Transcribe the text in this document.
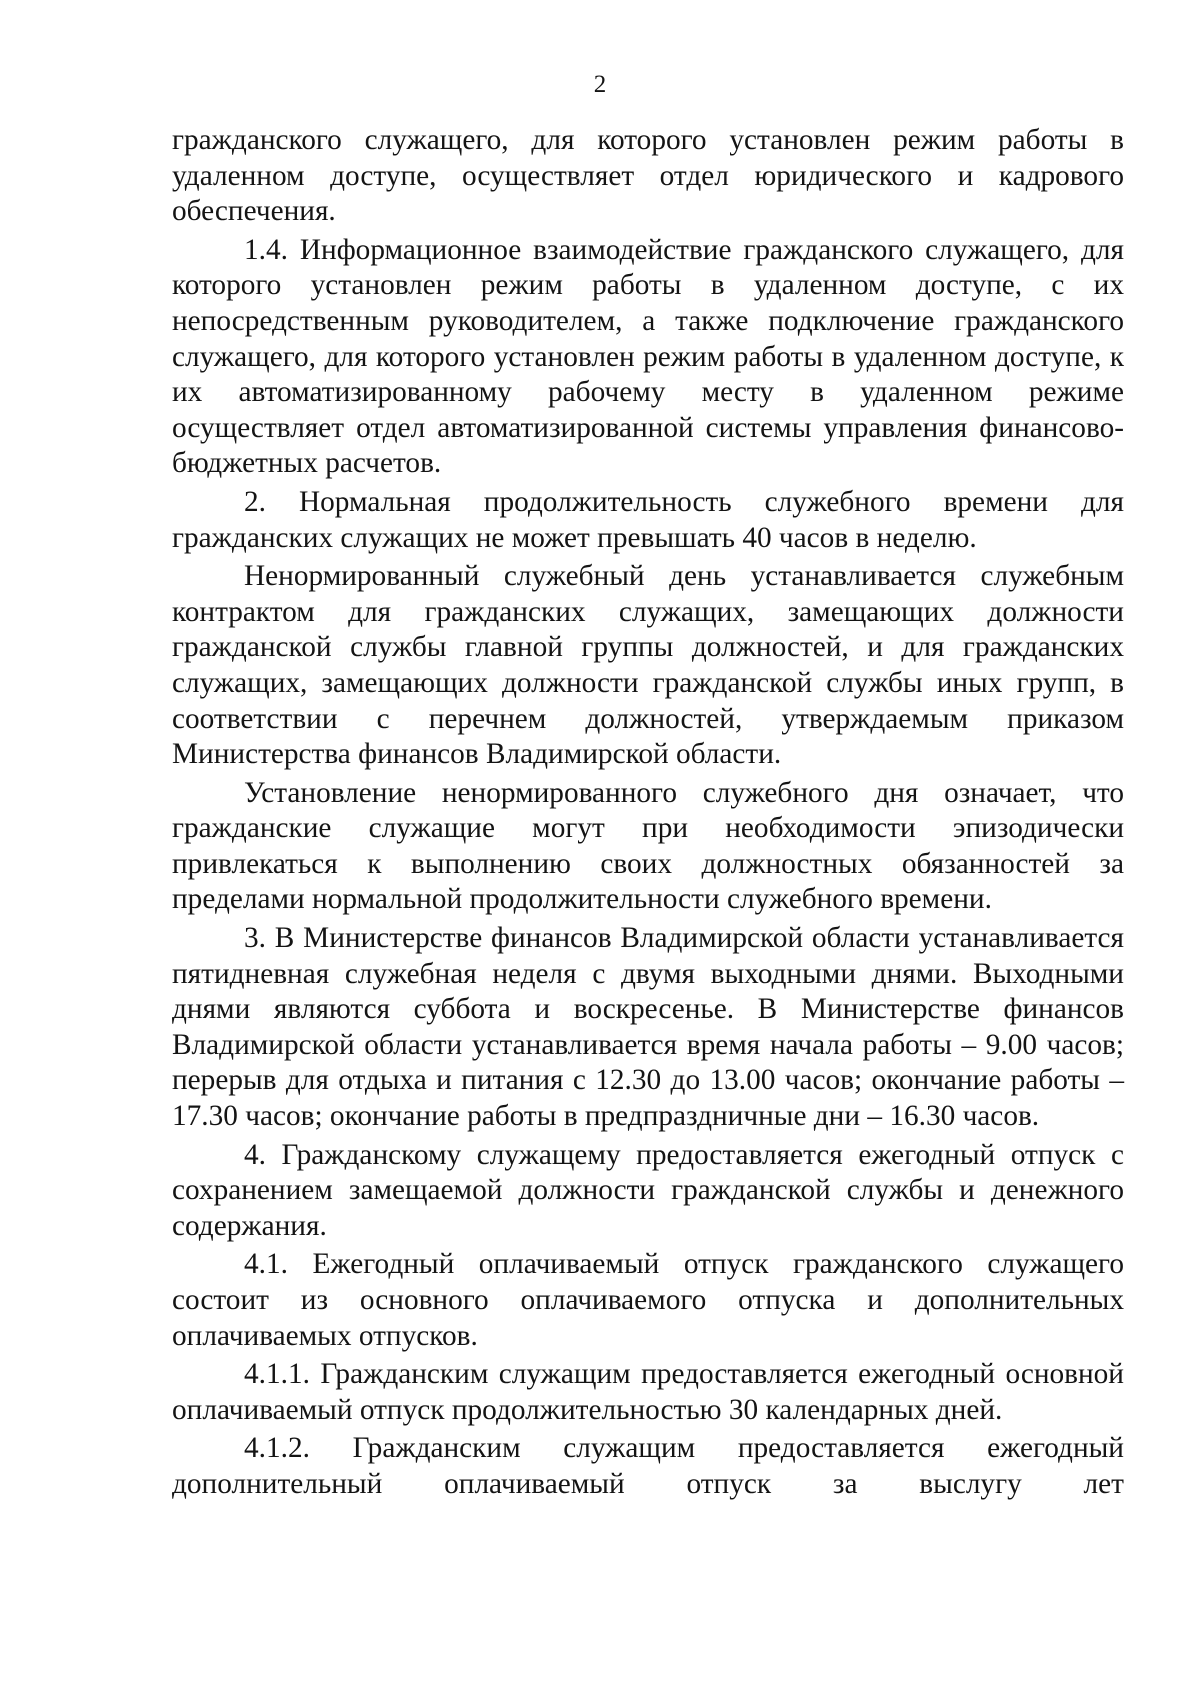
2

гражданского служащего, для которого установлен режим работы в удаленном доступе, осуществляет отдел юридического и кадрового обеспечения.

1.4. Информационное взаимодействие гражданского служащего, для которого установлен режим работы в удаленном доступе, с их непосредственным руководителем, а также подключение гражданского служащего, для которого установлен режим работы в удаленном доступе, к их автоматизированному рабочему месту в удаленном режиме осуществляет отдел автоматизированной системы управления финансово-бюджетных расчетов.

2. Нормальная продолжительность служебного времени для гражданских служащих не может превышать 40 часов в неделю.

Ненормированный служебный день устанавливается служебным контрактом для гражданских служащих, замещающих должности гражданской службы главной группы должностей, и для гражданских служащих, замещающих должности гражданской службы иных групп, в соответствии с перечнем должностей, утверждаемым приказом Министерства финансов Владимирской области.

Установление ненормированного служебного дня означает, что гражданские служащие могут при необходимости эпизодически привлекаться к выполнению своих должностных обязанностей за пределами нормальной продолжительности служебного времени.

3. В Министерстве финансов Владимирской области устанавливается пятидневная служебная неделя с двумя выходными днями. Выходными днями являются суббота и воскресенье. В Министерстве финансов Владимирской области устанавливается время начала работы – 9.00 часов; перерыв для отдыха и питания с 12.30 до 13.00 часов; окончание работы – 17.30 часов; окончание работы в предпраздничные дни – 16.30 часов.

4. Гражданскому служащему предоставляется ежегодный отпуск с сохранением замещаемой должности гражданской службы и денежного содержания.

4.1. Ежегодный оплачиваемый отпуск гражданского служащего состоит из основного оплачиваемого отпуска и дополнительных оплачиваемых отпусков.

4.1.1. Гражданским служащим предоставляется ежегодный основной оплачиваемый отпуск продолжительностью 30 календарных дней.

4.1.2. Гражданским служащим предоставляется ежегодный дополнительный оплачиваемый отпуск за выслугу лет
